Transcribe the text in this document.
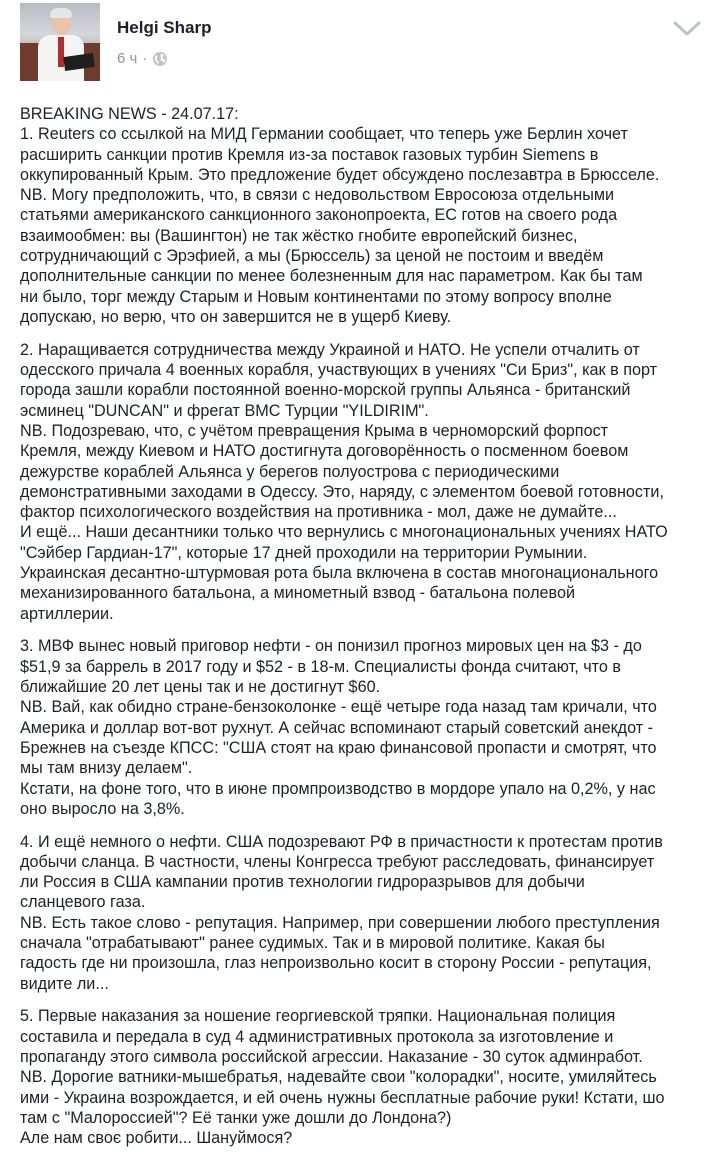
Helgi Sharp
6 ч ·

BREAKING NEWS - 24.07.17:
1. Reuters со ссылкой на МИД Германии сообщает, что теперь уже Берлин хочет
расширить санкции против Кремля из-за поставок газовых турбин Siemens в
оккупированный Крым. Это предложение будет обсуждено послезавтра в Брюсселе.
NB. Могу предположить, что, в связи с недовольством Евросоюза отдельными
статьями американского санкционного законопроекта, ЕС готов на своего рода
взаимообмен: вы (Вашингтон) не так жёстко гнобите европейский бизнес,
сотрудничающий с Эрэфией, а мы (Брюссель) за ценой не постоим и введём
дополнительные санкции по менее болезненным для нас параметром. Как бы там
ни было, торг между Старым и Новым континентами по этому вопросу вполне
допускаю, но верю, что он завершится не в ущерб Киеву.

2. Наращивается сотрудничества между Украиной и НАТО. Не успели отчалить от
одесского причала 4 военных корабля, участвующих в учениях "Си Бриз", как в порт
города зашли корабли постоянной военно-морской группы Альянса - британский
эсминец "DUNCAN" и фрегат ВМС Турции "YILDIRIM".
NB. Подозреваю, что, с учётом превращения Крыма в черноморский форпост
Кремля, между Киевом и НАТО достигнута договорённость о посменном боевом
дежурстве кораблей Альянса у берегов полуострова с периодическими
демонстративными заходами в Одессу. Это, наряду, с элементом боевой готовности,
фактор психологического воздействия на противника - мол, даже не думайте...
И ещё... Наши десантники только что вернулись с многонациональных учениях НАТО
"Сэйбер Гардиан-17", которые 17 дней проходили на территории Румынии.
Украинская десантно-штурмовая рота была включена в состав многонационального
механизированного батальона, а минометный взвод - батальона полевой
артиллерии.

3. МВФ вынес новый приговор нефти - он понизил прогноз мировых цен на $3 - до
$51,9 за баррель в 2017 году и $52 - в 18-м. Специалисты фонда считают, что в
ближайшие 20 лет цены так и не достигнут $60.
NB. Вай, как обидно стране-бензоколонке - ещё четыре года назад там кричали, что
Америка и доллар вот-вот рухнут. А сейчас вспоминают старый советский анекдот -
Брежнев на съезде КПСС: "США стоят на краю финансовой пропасти и смотрят, что
мы там внизу делаем".
Кстати, на фоне того, что в июне промпроизводство в мордоре упало на 0,2%, у нас
оно выросло на 3,8%.

4. И ещё немного о нефти. США подозревают РФ в причастности к протестам против
добычи сланца. В частности, члены Конгресса требуют расследовать, финансирует
ли Россия в США кампании против технологии гидроразрывов для добычи
сланцевого газа.
NB. Есть такое слово - репутация. Например, при совершении любого преступления
сначала "отрабатывают" ранее судимых. Так и в мировой политике. Какая бы
гадость где ни произошла, глаз непроизвольно косит в сторону России - репутация,
видите ли...

5. Первые наказания за ношение георгиевской тряпки. Национальная полиция
составила и передала в суд 4 административных протокола за изготовление и
пропаганду этого символа российской агрессии. Наказание - 30 суток админработ.
NB. Дорогие ватники-мышебратья, надевайте свои "колорадки", носите, умиляйтесь
ими - Украина возрождается, и ей очень нужны бесплатные рабочие руки! Кстати, шо
там с "Малороссией"? Её танки уже дошли до Лондона?)
Але нам своє робити... Шануймося?
